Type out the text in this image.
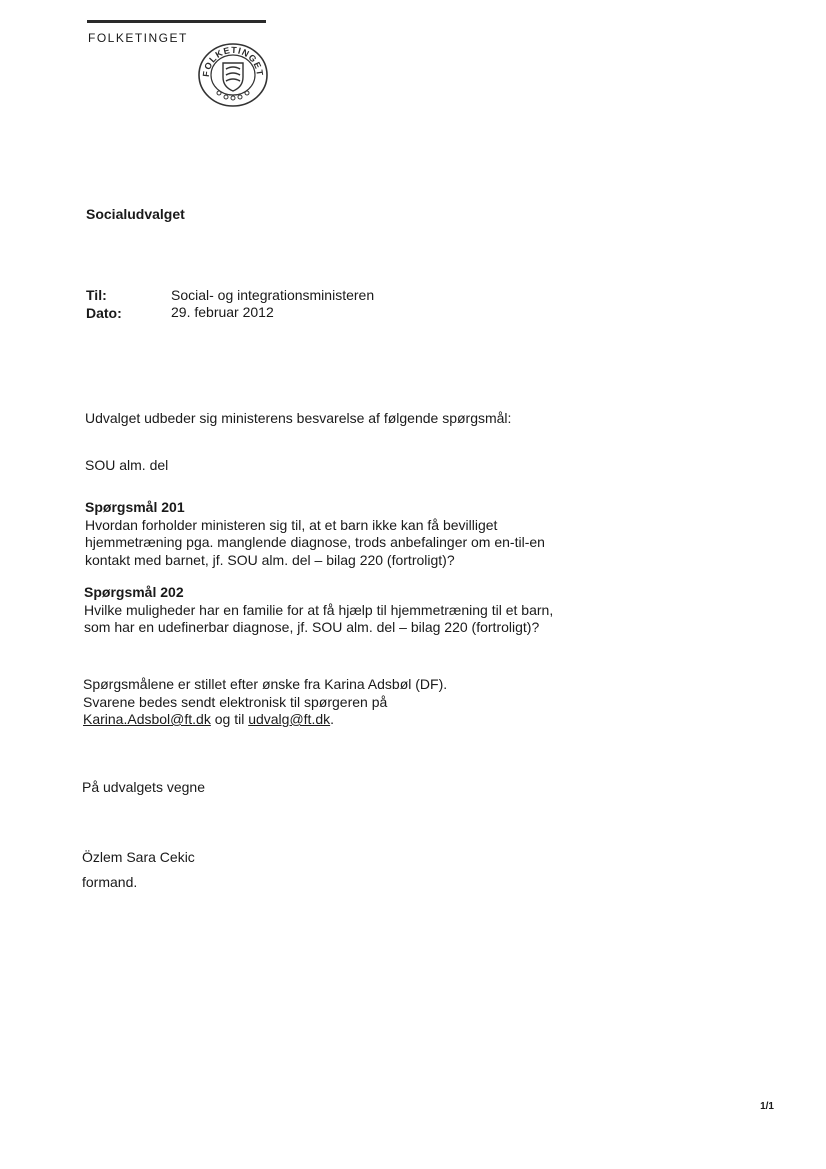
FOLKETINGET
FOLKETINGET
Socialudvalget
Til:	Social- og integrationsministeren
Dato:	29. februar 2012
Udvalget udbeder sig ministerens besvarelse af følgende spørgsmål:
SOU alm. del
Spørgsmål 201
Hvordan forholder ministeren sig til, at et barn ikke kan få bevilliget
hjemmetræning pga. manglende diagnose, trods anbefalinger om en-til-en
kontakt med barnet, jf. SOU alm. del – bilag 220 (fortroligt)?
Spørgsmål 202
Hvilke muligheder har en familie for at få hjælp til hjemmetræning til et barn,
som har en udefinerbar diagnose, jf. SOU alm. del – bilag 220 (fortroligt)?
Spørgsmålene er stillet efter ønske fra Karina Adsbøl (DF).
Svarene bedes sendt elektronisk til spørgeren på
Karina.Adsbol@ft.dk og til udvalg@ft.dk.
På udvalgets vegne
Özlem Sara Cekic
formand.
1/1
